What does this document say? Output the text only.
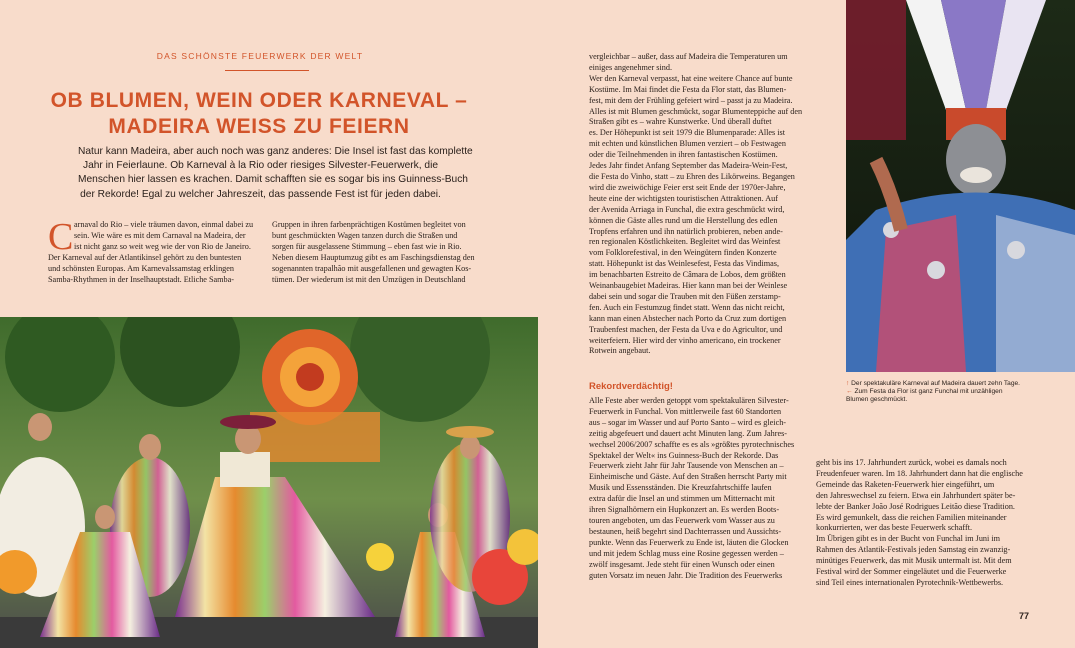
DAS SCHÖNSTE FEUERWERK DER WELT
OB BLUMEN, WEIN ODER KARNEVAL –
MADEIRA WEISS ZU FEIERN

Natur kann Madeira, aber auch noch was ganz anderes: Die Insel ist fast das komplette
Jahr in Feierlaune. Ob Karneval à la Rio oder riesiges Silvester-Feuerwerk, die
Menschen hier lassen es krachen. Damit schafften sie es sogar bis ins Guinness-Buch
der Rekorde! Egal zu welcher Jahreszeit, das passende Fest ist für jeden dabei.

C arnaval do Rio – viele träumen davon, einmal dabei zu
sein. Wie wäre es mit dem Carnaval na Madeira, der
ist nicht ganz so weit weg wie der von Rio de Janeiro.
Der Karneval auf der Atlantikinsel gehört zu den buntesten
und schönsten Europas. Am Karnevalssamstag erklingen
Samba-Rhythmen in der Inselhauptstadt. Etliche Samba-

Gruppen in ihren farbenprächtigen Kostümen begleitet von
bunt geschmückten Wagen tanzen durch die Straßen und
sorgen für ausgelassene Stimmung – eben fast wie in Rio.
Neben diesem Hauptumzug gibt es am Faschingsdienstag den
sogenannten trapalhão mit ausgefallenen und gewagten Kos-
tümen. Der wiederum ist mit den Umzügen in Deutschland

vergleichbar – außer, dass auf Madeira die Temperaturen um
einiges angenehmer sind.
Wer den Karneval verpasst, hat eine weitere Chance auf bunte
Kostüme. Im Mai findet die Festa da Flor statt, das Blumen-
fest, mit dem der Frühling gefeiert wird – passt ja zu Madeira.
Alles ist mit Blumen geschmückt, sogar Blumenteppiche auf den
Straßen gibt es – wahre Kunstwerke. Und überall duftet
es. Der Höhepunkt ist seit 1979 die Blumenparade: Alles ist
mit echten und künstlichen Blumen verziert – ob Festwagen
oder die Teilnehmenden in ihren fantastischen Kostümen.
Jedes Jahr findet Anfang September das Madeira-Wein-Fest,
die Festa do Vinho, statt – zu Ehren des Likörweins. Begangen
wird die zweiwöchige Feier erst seit Ende der 1970er-Jahre,
heute eine der wichtigsten touristischen Attraktionen. Auf
der Avenida Arriaga in Funchal, die extra geschmückt wird,
können die Gäste alles rund um die Herstellung des edlen
Tropfens erfahren und ihn natürlich probieren, neben ande-
ren regionalen Köstlichkeiten. Begleitet wird das Weinfest
vom Folklorefestival, in den Weingütern finden Konzerte
statt. Höhepunkt ist das Weinlesefest, Festa das Vindimas,
im benachbarten Estreito de Câmara de Lobos, dem größten
Weinanbaugebiet Madeiras. Hier kann man bei der Weinlese
dabei sein und sogar die Trauben mit den Füßen zerstamp-
fen. Auch ein Festumzug findet statt. Wenn das nicht reicht,
kann man einen Abstecher nach Porto da Cruz zum dortigen
Traubenfest machen, der Festa da Uva e do Agricultor, und
weiterfeiern. Hier wird der vinho americano, ein trockener
Rotwein angebaut.

Rekordverdächtig!

Alle Feste aber werden getoppt vom spektakulären Silvester-
Feuerwerk in Funchal. Von mittlerweile fast 60 Standorten
aus – sogar im Wasser und auf Porto Santo – wird es gleich-
zeitig abgefeuert und dauert acht Minuten lang. Zum Jahres-
wechsel 2006/2007 schaffte es es als »größtes pyrotechnisches
Spektakel der Welt« ins Guinness-Buch der Rekorde. Das
Feuerwerk zieht Jahr für Jahr Tausende von Menschen an –
Einheimische und Gäste. Auf den Straßen herrscht Party mit
Musik und Essensständen. Die Kreuzfahrtschiffe laufen
extra dafür die Insel an und stimmen um Mitternacht mit
ihren Signalhörnern ein Hupkonzert an. Es werden Boots-
touren angeboten, um das Feuerwerk vom Wasser aus zu
bestaunen, heiß begehrt sind Dachterrassen und Aussichts-
punkte. Wenn das Feuerwerk zu Ende ist, läuten die Glocken
und mit jedem Schlag muss eine Rosine gegessen werden –
zwölf insgesamt. Jede steht für einen Wunsch oder einen
guten Vorsatz im neuen Jahr. Die Tradition des Feuerwerks

↑ Der spektakuläre Karneval auf Madeira dauert zehn Tage.
← Zum Festa da Flor ist ganz Funchal mit unzähligen
Blumen geschmückt.

geht bis ins 17. Jahrhundert zurück, wobei es damals noch
Freudenfeuer waren. Im 18. Jahrhundert dann hat die englische
Gemeinde das Raketen-Feuerwerk hier eingeführt, um
den Jahreswechsel zu feiern. Etwa ein Jahrhundert später be-
lebte der Banker João José Rodrigues Leitão diese Tradition.
Es wird gemunkelt, dass die reichen Familien miteinander
konkurrierten, wer das beste Feuerwerk schafft.
Im Übrigen gibt es in der Bucht von Funchal im Juni im
Rahmen des Atlantik-Festivals jeden Samstag ein zwanzig-
minütiges Feuerwerk, das mit Musik untermalt ist. Mit dem
Festival wird der Sommer eingeläutet und die Feuerwerke
sind Teil eines internationalen Pyrotechnik-Wettbewerbs.

77
